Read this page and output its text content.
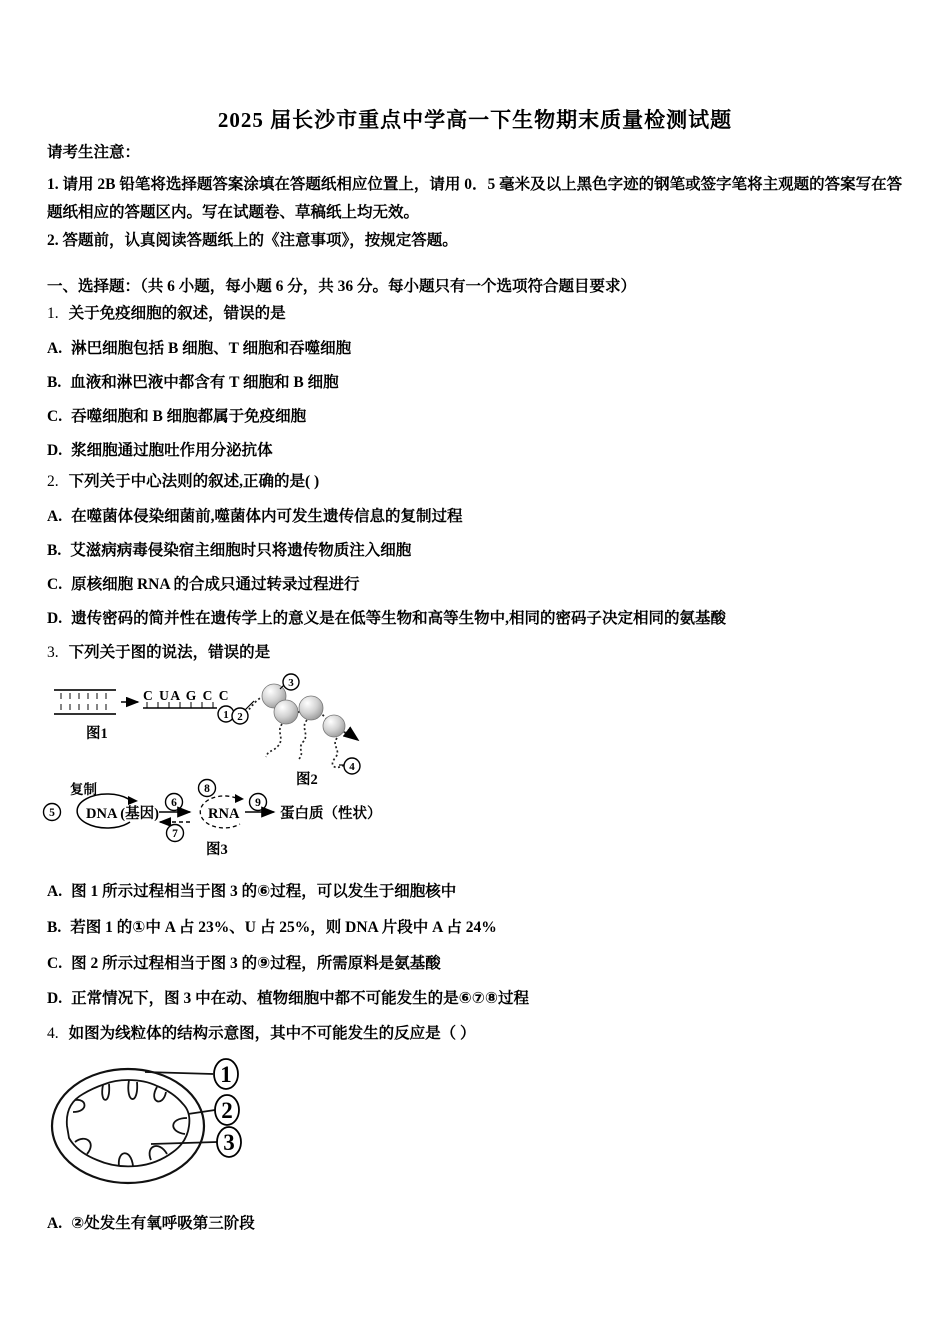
2025 届长沙市重点中学高一下生物期末质量检测试题
请考生注意：
1. 请用 2B 铅笔将选择题答案涂填在答题纸相应位置上，请用 0．5 毫米及以上黑色字迹的钢笔或签字笔将主观题的答案写在答题纸相应的答题区内。写在试题卷、草稿纸上均无效。
2. 答题前，认真阅读答题纸上的《注意事项》，按规定答题。
一、选择题：（共 6 小题，每小题 6 分，共 36 分。每小题只有一个选项符合题目要求）
1. 关于免疫细胞的叙述，错误的是
A. 淋巴细胞包括 B 细胞、T 细胞和吞噬细胞
B. 血液和淋巴液中都含有 T 细胞和 B 细胞
C. 吞噬细胞和 B 细胞都属于免疫细胞
D. 浆细胞通过胞吐作用分泌抗体
2. 下列关于中心法则的叙述,正确的是( )
A. 在噬菌体侵染细菌前,噬菌体内可发生遗传信息的复制过程
B. 艾滋病病毒侵染宿主细胞时只将遗传物质注入细胞
C. 原核细胞 RNA 的合成只通过转录过程进行
D. 遗传密码的简并性在遗传学上的意义是在低等生物和高等生物中,相同的密码子决定相同的氨基酸
3. 下列关于图的说法，错误的是
C UA G C C
1
图1
2
3
4
图2
复制
5 DNA (基因)
6
7
8
RNA
9
蛋白质（性状）
图3
A. 图 1 所示过程相当于图 3 的⑥过程，可以发生于细胞核中
B. 若图 1 的①中 A 占 23%、U 占 25%，则 DNA 片段中 A 占 24%
C. 图 2 所示过程相当于图 3 的⑨过程，所需原料是氨基酸
D. 正常情况下，图 3 中在动、植物细胞中都不可能发生的是⑥⑦⑧过程
4. 如图为线粒体的结构示意图，其中不可能发生的反应是（ ）
1
2
3
A. ②处发生有氧呼吸第三阶段
